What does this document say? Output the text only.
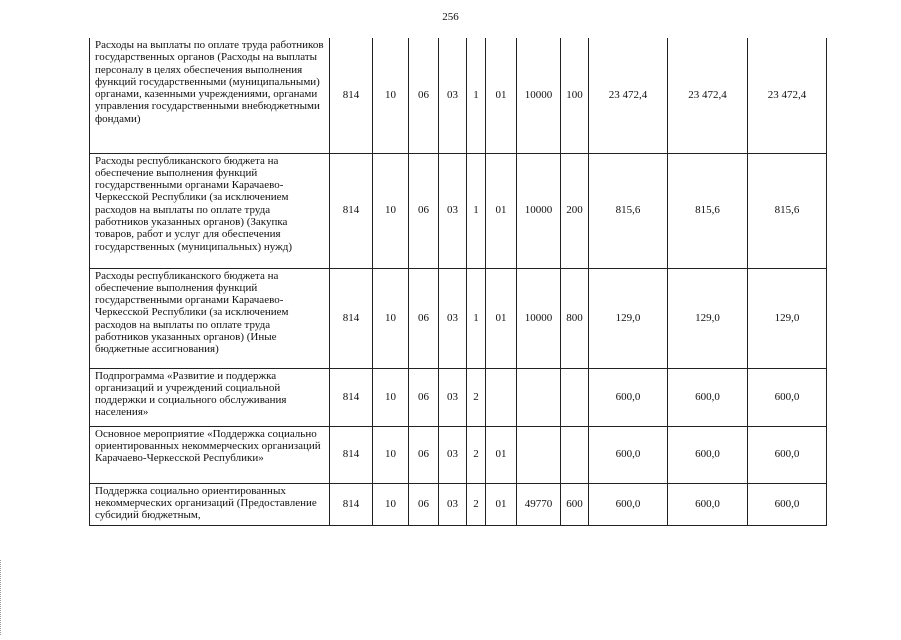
256
Расходы на выплаты по оплате труда работников государственных органов (Расходы на выплаты персоналу в целях обеспечения выполнения функций государственными (муниципальными) органами, казенными учреждениями, органами управления государственными внебюджетными фондами)	814	10	06	03	1	01	10000	100	23 472,4	23 472,4	23 472,4
Расходы республиканского бюджета на обеспечение выполнения функций государственными органами Карачаево-Черкесской Республики (за исключением расходов на выплаты по оплате труда работников указанных органов) (Закупка товаров, работ и услуг для обеспечения государственных (муниципальных) нужд)	814	10	06	03	1	01	10000	200	815,6	815,6	815,6
Расходы республиканского бюджета на обеспечение выполнения функций государственными органами Карачаево-Черкесской Республики (за исключением расходов на выплаты по оплате труда работников указанных органов) (Иные бюджетные ассигнования)	814	10	06	03	1	01	10000	800	129,0	129,0	129,0
Подпрограмма «Развитие и поддержка организаций и учреждений социальной поддержки и социального обслуживания населения»	814	10	06	03	2				600,0	600,0	600,0
Основное мероприятие «Поддержка социально ориентированных некоммерческих организаций Карачаево-Черкесской Республики»	814	10	06	03	2	01			600,0	600,0	600,0
Поддержка социально ориентированных некоммерческих организаций (Предоставление субсидий бюджетным,	814	10	06	03	2	01	49770	600	600,0	600,0	600,0
